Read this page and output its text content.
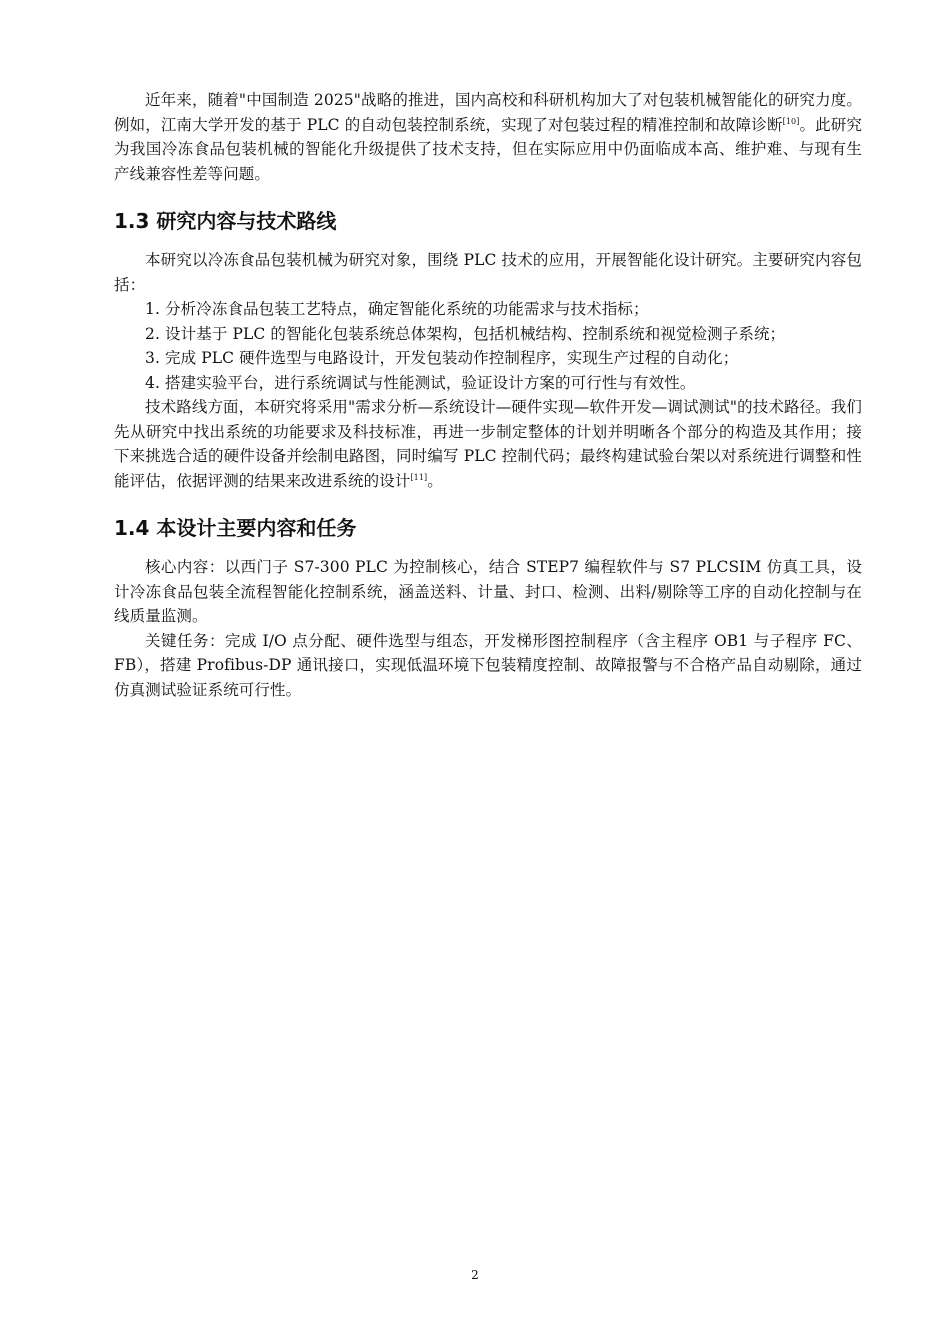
近年来，随着"中国制造 2025"战略的推进，国内高校和科研机构加大了对包装机械智能化的研究力度。例如，江南大学开发的基于 PLC 的自动包装控制系统，实现了对包装过程的精准控制和故障诊断[10]。此研究为我国冷冻食品包装机械的智能化升级提供了技术支持，但在实际应用中仍面临成本高、维护难、与现有生产线兼容性差等问题。

1.3 研究内容与技术路线

本研究以冷冻食品包装机械为研究对象，围绕 PLC 技术的应用，开展智能化设计研究。主要研究内容包括：

1. 分析冷冻食品包装工艺特点，确定智能化系统的功能需求与技术指标；

2. 设计基于 PLC 的智能化包装系统总体架构，包括机械结构、控制系统和视觉检测子系统；

3. 完成 PLC 硬件选型与电路设计，开发包装动作控制程序，实现生产过程的自动化；

4. 搭建实验平台，进行系统调试与性能测试，验证设计方案的可行性与有效性。

技术路线方面，本研究将采用"需求分析—系统设计—硬件实现—软件开发—调试测试"的技术路径。我们先从研究中找出系统的功能要求及科技标准，再进一步制定整体的计划并明晰各个部分的构造及其作用；接下来挑选合适的硬件设备并绘制电路图，同时编写 PLC 控制代码；最终构建试验台架以对系统进行调整和性能评估，依据评测的结果来改进系统的设计[11]。

1.4 本设计主要内容和任务

核心内容：以西门子 S7-300 PLC 为控制核心，结合 STEP7 编程软件与 S7 PLCSIM 仿真工具，设计冷冻食品包装全流程智能化控制系统，涵盖送料、计量、封口、检测、出料/剔除等工序的自动化控制与在线质量监测。

关键任务：完成 I/O 点分配、硬件选型与组态，开发梯形图控制程序（含主程序 OB1 与子程序 FC、FB），搭建 Profibus-DP 通讯接口，实现低温环境下包装精度控制、故障报警与不合格产品自动剔除，通过仿真测试验证系统可行性。

2
